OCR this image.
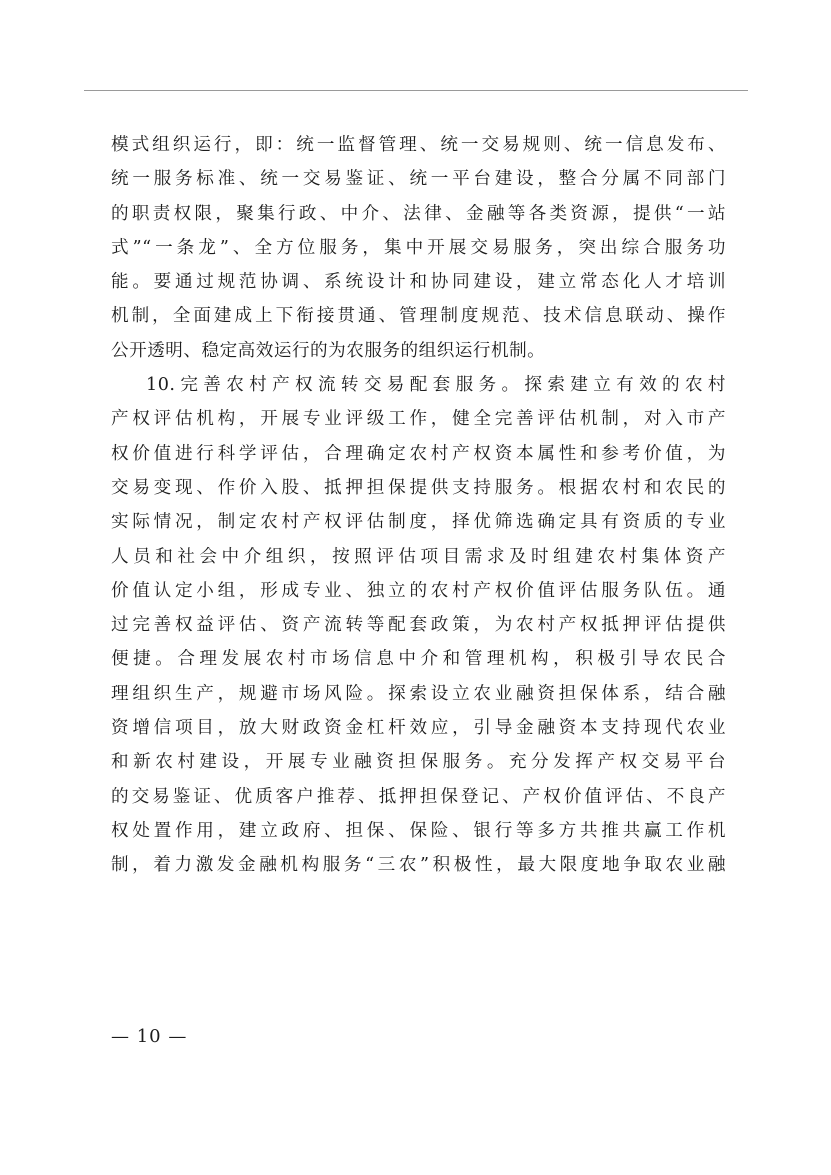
模式组织运行，即：统一监督管理、统一交易规则、统一信息发布、
统一服务标准、统一交易鉴证、统一平台建设，整合分属不同部门
的职责权限，聚集行政、中介、法律、金融等各类资源，提供“一站
式”“一条龙”、全方位服务，集中开展交易服务，突出综合服务功
能。要通过规范协调、系统设计和协同建设，建立常态化人才培训
机制，全面建成上下衔接贯通、管理制度规范、技术信息联动、操作
公开透明、稳定高效运行的为农服务的组织运行机制。
10.完善农村产权流转交易配套服务。探索建立有效的农村
产权评估机构，开展专业评级工作，健全完善评估机制，对入市产
权价值进行科学评估，合理确定农村产权资本属性和参考价值，为
交易变现、作价入股、抵押担保提供支持服务。根据农村和农民的
实际情况，制定农村产权评估制度，择优筛选确定具有资质的专业
人员和社会中介组织，按照评估项目需求及时组建农村集体资产
价值认定小组，形成专业、独立的农村产权价值评估服务队伍。通
过完善权益评估、资产流转等配套政策，为农村产权抵押评估提供
便捷。合理发展农村市场信息中介和管理机构，积极引导农民合
理组织生产，规避市场风险。探索设立农业融资担保体系，结合融
资增信项目，放大财政资金杠杆效应，引导金融资本支持现代农业
和新农村建设，开展专业融资担保服务。充分发挥产权交易平台
的交易鉴证、优质客户推荐、抵押担保登记、产权价值评估、不良产
权处置作用，建立政府、担保、保险、银行等多方共推共赢工作机
制，着力激发金融机构服务“三农”积极性，最大限度地争取农业融
— 10 —
